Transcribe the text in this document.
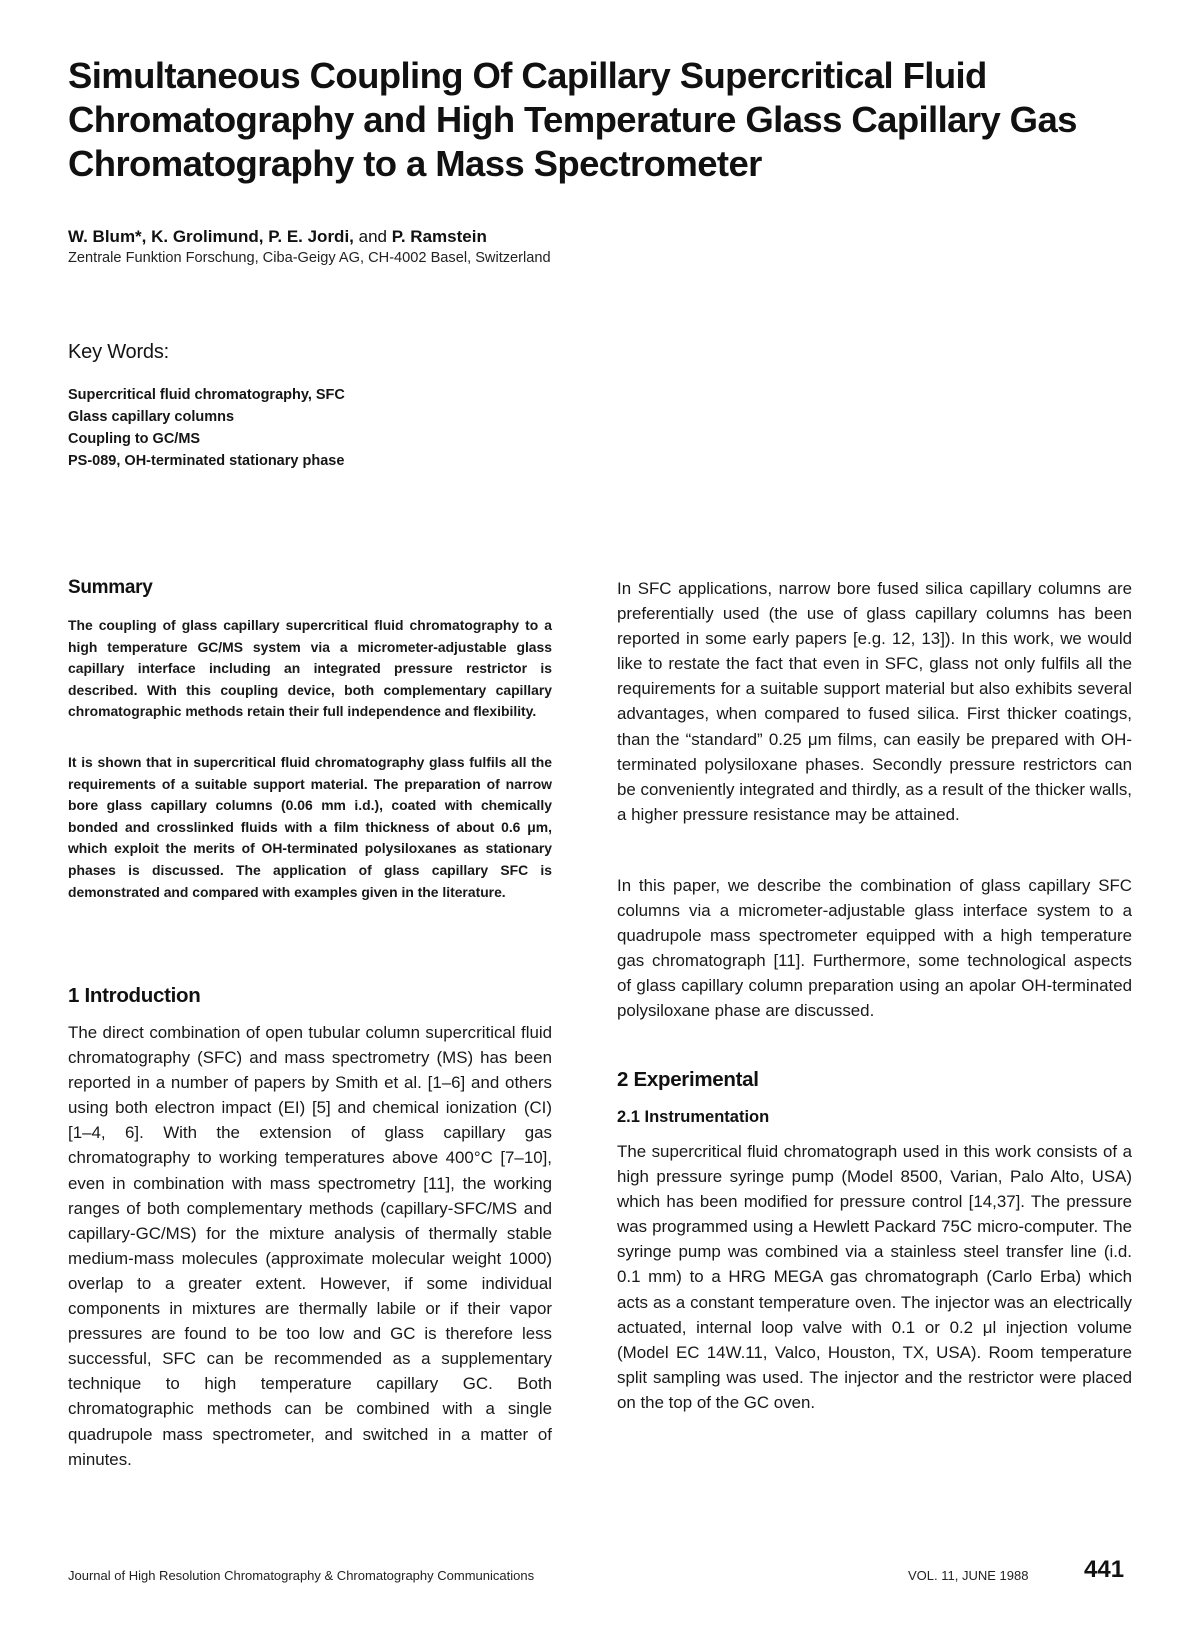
Simultaneous Coupling Of Capillary Supercritical Fluid Chromatography and High Temperature Glass Capillary Gas Chromatography to a Mass Spectrometer
W. Blum*, K. Grolimund, P. E. Jordi, and P. Ramstein
Zentrale Funktion Forschung, Ciba-Geigy AG, CH-4002 Basel, Switzerland
Key Words:
Supercritical fluid chromatography, SFC
Glass capillary columns
Coupling to GC/MS
PS-089, OH-terminated stationary phase
Summary

The coupling of glass capillary supercritical fluid chromatography to a high temperature GC/MS system via a micrometer-adjustable glass capillary interface including an integrated pressure restrictor is described. With this coupling device, both complementary capillary chromatographic methods retain their full independence and flexibility.

It is shown that in supercritical fluid chromatography glass fulfils all the requirements of a suitable support material. The preparation of narrow bore glass capillary columns (0.06 mm i.d.), coated with chemically bonded and crosslinked fluids with a film thickness of about 0.6 μm, which exploit the merits of OH-terminated polysiloxanes as stationary phases is discussed. The application of glass capillary SFC is demonstrated and compared with examples given in the literature.

1 Introduction

The direct combination of open tubular column supercritical fluid chromatography (SFC) and mass spectrometry (MS) has been reported in a number of papers by Smith et al. [1–6] and others using both electron impact (EI) [5] and chemical ionization (CI) [1–4, 6]. With the extension of glass capillary gas chromatography to working temperatures above 400°C [7–10], even in combination with mass spectrometry [11], the working ranges of both complementary methods (capillary-SFC/MS and capillary-GC/MS) for the mixture analysis of thermally stable medium-mass molecules (approximate molecular weight 1000) overlap to a greater extent. However, if some individual components in mixtures are thermally labile or if their vapor pressures are found to be too low and GC is therefore less successful, SFC can be recommended as a supplementary technique to high temperature capillary GC. Both chromatographic methods can be combined with a single quadrupole mass spectrometer, and switched in a matter of minutes.

In SFC applications, narrow bore fused silica capillary columns are preferentially used (the use of glass capillary columns has been reported in some early papers [e.g. 12, 13]). In this work, we would like to restate the fact that even in SFC, glass not only fulfils all the requirements for a suitable support material but also exhibits several advantages, when compared to fused silica. First thicker coatings, than the “standard” 0.25 μm films, can easily be prepared with OH-terminated polysiloxane phases. Secondly pressure restrictors can be conveniently integrated and thirdly, as a result of the thicker walls, a higher pressure resistance may be attained.

In this paper, we describe the combination of glass capillary SFC columns via a micrometer-adjustable glass interface system to a quadrupole mass spectrometer equipped with a high temperature gas chromatograph [11]. Furthermore, some technological aspects of glass capillary column preparation using an apolar OH-terminated polysiloxane phase are discussed.

2 Experimental
2.1 Instrumentation

The supercritical fluid chromatograph used in this work consists of a high pressure syringe pump (Model 8500, Varian, Palo Alto, USA) which has been modified for pressure control [14,37]. The pressure was programmed using a Hewlett Packard 75C micro-computer. The syringe pump was combined via a stainless steel transfer line (i.d. 0.1 mm) to a HRG MEGA gas chromatograph (Carlo Erba) which acts as a constant temperature oven. The injector was an electrically actuated, internal loop valve with 0.1 or 0.2 μl injection volume (Model EC 14W.11, Valco, Houston, TX, USA). Room temperature split sampling was used. The injector and the restrictor were placed on the top of the GC oven.

Journal of High Resolution Chromatography & Chromatography Communications	VOL. 11, JUNE 1988 441
